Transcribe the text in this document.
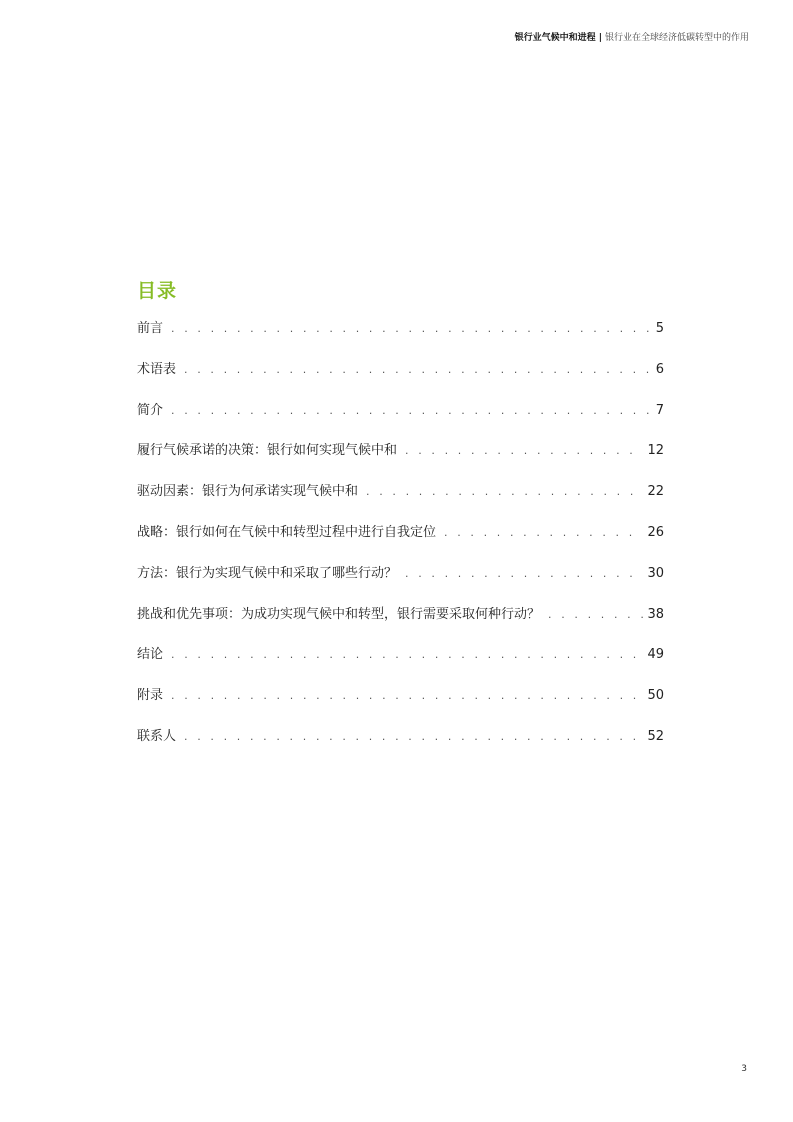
银行业气候中和进程 | 银行业在全球经济低碳转型中的作用
目录
前言 . . .	5
术语表 . . .	6
简介 . . .	7
履行气候承诺的决策：银行如何实现气候中和 . . .	12
驱动因素：银行为何承诺实现气候中和 . . .	22
战略：银行如何在气候中和转型过程中进行自我定位 . . .	26
方法：银行为实现气候中和采取了哪些行动？ . . .	30
挑战和优先事项：为成功实现气候中和转型，银行需要采取何种行动？ . . .	38
结论 . . .	49
附录 . . .	50
联系人 . . .	52
3
